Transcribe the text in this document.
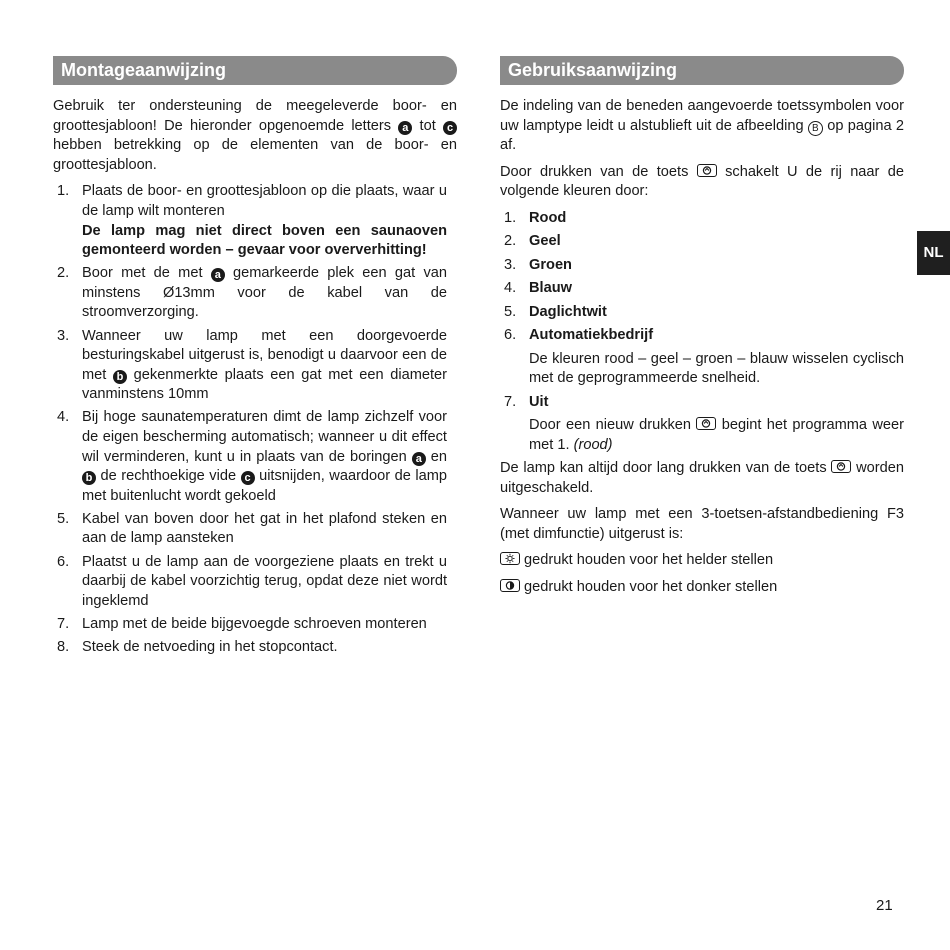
Montageaanwijzing

Gebruik ter ondersteuning de meegeleverde boor- en groottesjabloon! De hieronder opgenoemde letters a tot c hebben betrekking op de elementen van de boor- en groottesjabloon.

1. Plaats de boor- en groottesjabloon op die plaats, waar u de lamp wilt monteren
De lamp mag niet direct boven een saunaoven gemonteerd worden – gevaar voor oververhitting!
2. Boor met de met a gemarkeerde plek een gat van minstens Ø13mm voor de kabel van de stroomverzorging.
3. Wanneer uw lamp met een doorgevoerde besturingskabel uitgerust is, benodigt u daarvoor een de met b gekenmerkte plaats een gat met een diameter vanminstens 10mm
4. Bij hoge saunatemperaturen dimt de lamp zichzelf voor de eigen bescherming automatisch; wanneer u dit effect wil verminderen, kunt u in plaats van de boringen a en b de rechthoekige vide c uitsnijden, waardoor de lamp met buitenlucht wordt gekoeld
5. Kabel van boven door het gat in het plafond steken en aan de lamp aansteken
6. Plaatst u de lamp aan de voorgeziene plaats en trekt u daarbij de kabel voorzichtig terug, opdat deze niet wordt ingeklemd
7. Lamp met de beide bijgevoegde schroeven monteren
8. Steek de netvoeding in het stopcontact.
Gebruiksaanwijzing

De indeling van de beneden aangevoerde toetssymbolen voor uw lamptype leidt u alstublieft uit de afbeelding B op pagina 2 af.

Door drukken van de toets
schakelt U de rij naar de volgende kleuren door:

1. Rood
2. Geel
3. Groen
4. Blauw
5. Daglichtwit
6. Automatiekbedrijf
De kleuren rood – geel – groen – blauw wisselen cyclisch met de geprogrammeerde snelheid.
7. Uit
Door een nieuw drukken
begint het programma weer met 1. (rood)

De lamp kan altijd door lang drukken van de toets
worden uitgeschakeld.

Wanneer uw lamp met een 3-toetsen-afstandbediening F3 (met dimfunctie) uitgerust is:

gedrukt houden voor het helder stellen

gedrukt houden voor het donker stellen

NL
21
